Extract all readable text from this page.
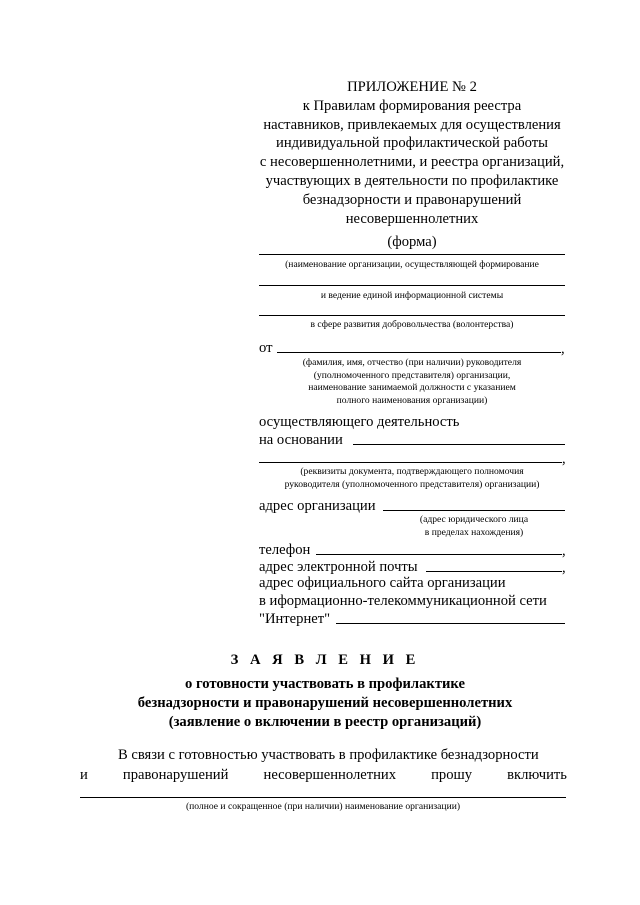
ПРИЛОЖЕНИЕ № 2
к Правилам формирования реестра
наставников, привлекаемых для осуществления
индивидуальной профилактической работы
с несовершеннолетними, и реестра организаций,
участвующих в деятельности по профилактике
безнадзорности и правонарушений
несовершеннолетних
(форма)
(наименование организации, осуществляющей формирование
и ведение единой информационной системы
в сфере развития добровольчества (волонтерства)
от	,
(фамилия, имя, отчество (при наличии) руководителя
(уполномоченного представителя) организации,
наименование занимаемой должности с указанием
полного наименования организации)
осуществляющего деятельность
на основании
,
(реквизиты документа, подтверждающего полномочия
руководителя (уполномоченного представителя) организации)
адрес организации
(адрес юридического лица
в пределах нахождения)
телефон	,
адрес электронной почты	,
адрес официального сайта организации
в иформационно-телекоммуникационной сети
"Интернет"
З А Я В Л Е Н И Е
о готовности участвовать в профилактике
безнадзорности и правонарушений несовершеннолетних
(заявление о включении в реестр организаций)
В связи с готовностью участвовать в профилактике безнадзорности
и правонарушений несовершеннолетних прошу включить
(полное и сокращенное (при наличии) наименование организации)
